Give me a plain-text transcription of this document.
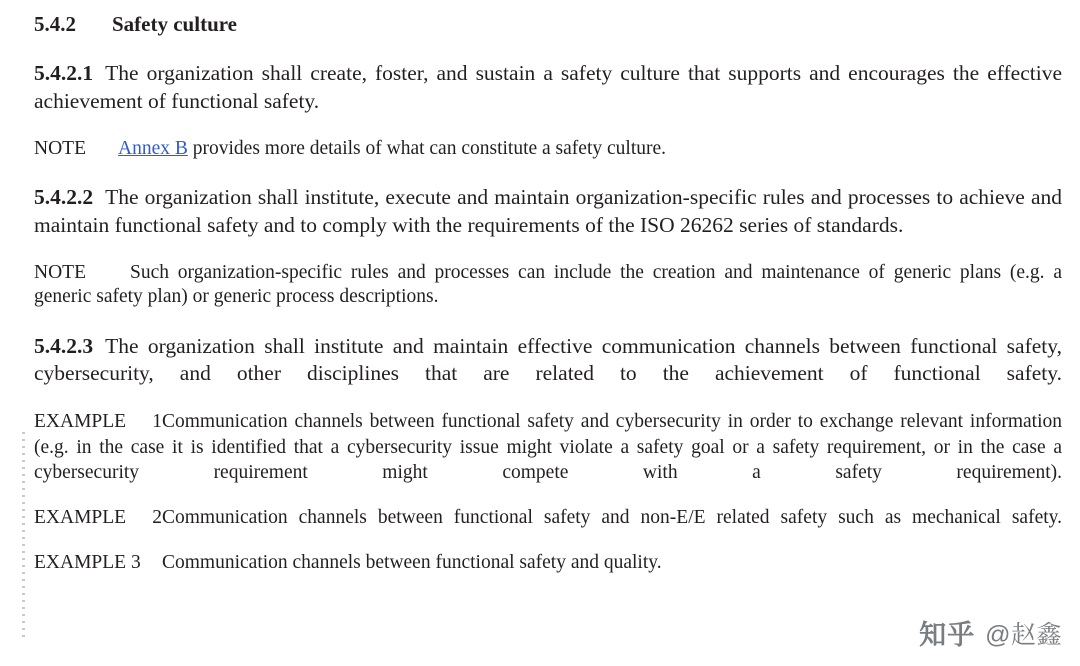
5.4.2	Safety culture

5.4.2.1 The organization shall create, foster, and sustain a safety culture that supports and encourages the effective achievement of functional safety.

NOTE Annex B provides more details of what can constitute a safety culture.

5.4.2.2 The organization shall institute, execute and maintain organization-specific rules and processes to achieve and maintain functional safety and to comply with the requirements of the ISO 26262 series of standards.

NOTE Such organization-specific rules and processes can include the creation and maintenance of generic plans (e.g. a generic safety plan) or generic process descriptions.

5.4.2.3 The organization shall institute and maintain effective communication channels between functional safety, cybersecurity, and other disciplines that are related to the achievement of functional safety.

EXAMPLE 1Communication channels between functional safety and cybersecurity in order to exchange relevant information (e.g. in the case it is identified that a cybersecurity issue might violate a safety goal or a safety requirement, or in the case a cybersecurity requirement might compete with a safety requirement).

EXAMPLE 2Communication channels between functional safety and non-E/E related safety such as mechanical safety.

EXAMPLE 3 Communication channels between functional safety and quality.

知乎 @赵鑫
